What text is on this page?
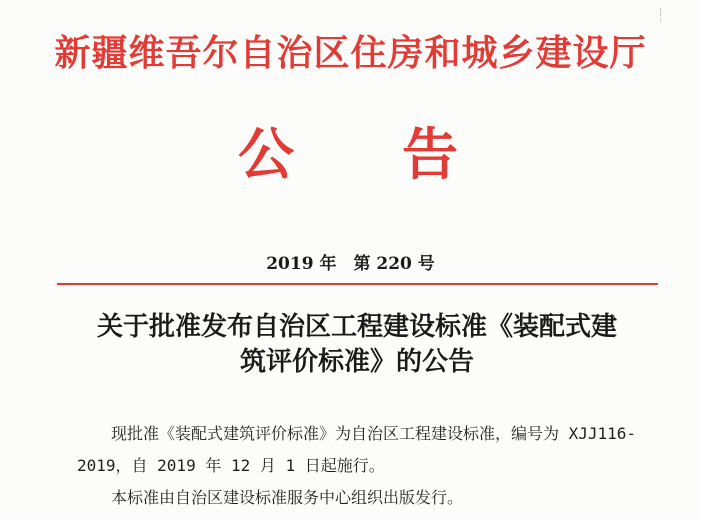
新疆维吾尔自治区住房和城乡建设厅
公 告
2019 年　第 220 号
关于批准发布自治区工程建设标准《装配式建
筑评价标准》的公告

现批准《装配式建筑评价标准》为自治区工程建设标准，编号为 XJJ116-2019，自 2019 年 12 月 1 日起施行。

本标准由自治区建设标准服务中心组织出版发行。
